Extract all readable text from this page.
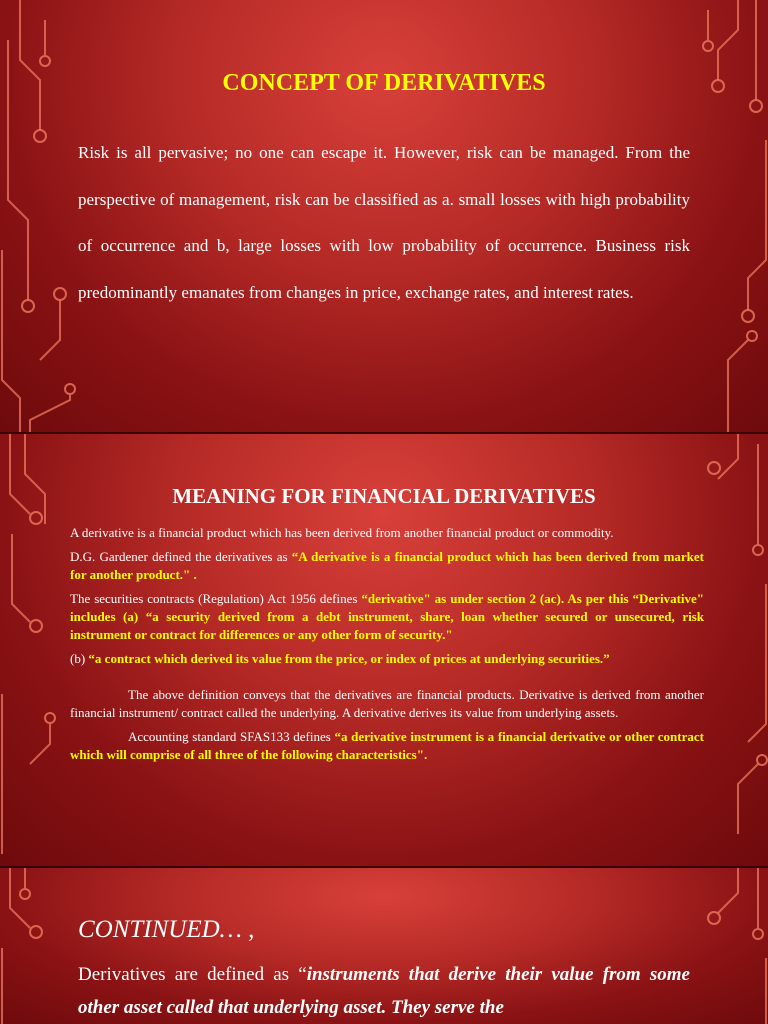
CONCEPT OF DERIVATIVES
Risk is all pervasive; no one can escape it. However, risk can be managed. From the perspective of management, risk can be classified as a. small losses with high probability of occurrence and b, large losses with low probability of occurrence. Business risk predominantly emanates from changes in price, exchange rates, and interest rates.
MEANING FOR FINANCIAL DERIVATIVES

A derivative is a financial product which has been derived from another financial product or commodity.

D.G. Gardener defined the derivatives as “A derivative is a financial product which has been derived from market for another product." .

The securities contracts (Regulation) Act 1956 defines “derivative" as under section 2 (ac). As per this “Derivative" includes (a) “a security derived from a debt instrument, share, loan whether secured or unsecured, risk instrument or contract for differences or any other form of security."

(b) “a contract which derived its value from the price, or index of prices at underlying securities.”

The above definition conveys that the derivatives are financial products. Derivative is derived from another financial instrument/ contract called the underlying. A derivative derives its value from underlying assets.

Accounting standard SFAS133 defines “a derivative instrument is a financial derivative or other contract which will comprise of all three of the following characteristics".

CONTINUED… ,
Derivatives are defined as “instruments that derive their value from some other asset called that underlying asset. They serve the
